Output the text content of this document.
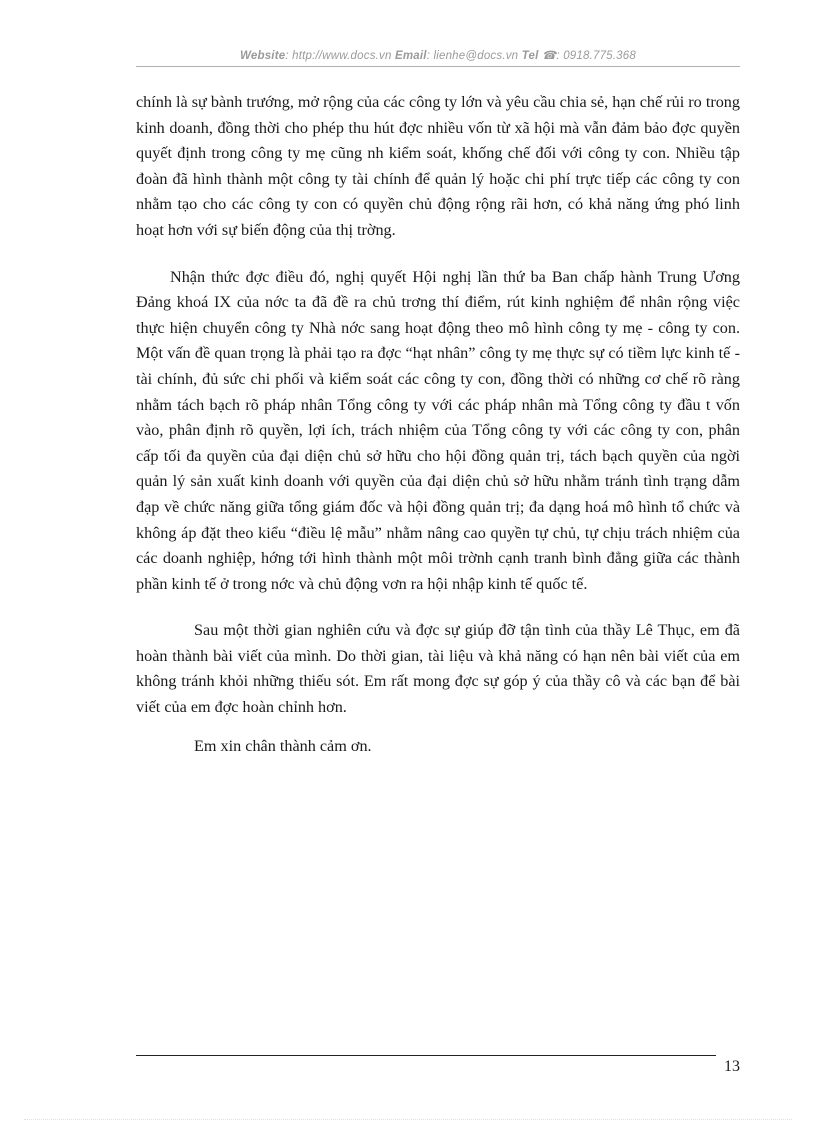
Website: http://www.docs.vn Email: lienhe@docs.vn Tel ☎: 0918.775.368

chính là sự bành trướng, mở rộng của các công ty lớn và yêu cầu chia sẻ, hạn chế rủi ro trong kinh doanh, đồng thời cho phép thu hút đợc nhiều vốn từ xã hội mà vẫn đảm bảo đợc quyền quyết định trong công ty mẹ cũng nh kiểm soát, khống chế đối với công ty con. Nhiều tập đoàn đã hình thành một công ty tài chính để quản lý hoặc chi phí trực tiếp các công ty con nhằm tạo cho các công ty con có quyền chủ động rộng rãi hơn, có khả năng ứng phó linh hoạt hơn với sự biến động của thị trờng.

Nhận thức đợc điều đó, nghị quyết Hội nghị lần thứ ba Ban chấp hành Trung Ương Đảng khoá IX của nớc ta đã đề ra chủ trơng thí điểm, rút kinh nghiệm để nhân rộng việc thực hiện chuyển công ty Nhà nớc sang hoạt động theo mô hình công ty mẹ - công ty con. Một vấn đề quan trọng là phải tạo ra đợc “hạt nhân” công ty mẹ thực sự có tiềm lực kinh tế - tài chính, đủ sức chi phối và kiểm soát các công ty con, đồng thời có những cơ chế rõ ràng nhằm tách bạch rõ pháp nhân Tổng công ty với các pháp nhân mà Tổng công ty đầu t vốn vào, phân định rõ quyền, lợi ích, trách nhiệm của Tổng công ty với các công ty con, phân cấp tối đa quyền của đại diện chủ sở hữu cho hội đồng quản trị, tách bạch quyền của ngời quản lý sản xuất kinh doanh với quyền của đại diện chủ sở hữu nhằm tránh tình trạng dẫm đạp về chức năng giữa tổng giám đốc và hội đồng quản trị; đa dạng hoá mô hình tổ chức và không áp đặt theo kiểu “điều lệ mẫu” nhằm nâng cao quyền tự chủ, tự chịu trách nhiệm của các doanh nghiệp, hớng tới hình thành một môi trờnh cạnh tranh bình đẳng giữa các thành phần kinh tế ở trong nớc và chủ động vơn ra hội nhập kinh tế quốc tế.

Sau một thời gian nghiên cứu và đợc sự giúp đỡ tận tình của thầy Lê Thục, em đã hoàn thành bài viết của mình. Do thời gian, tài liệu và khả năng có hạn nên bài viết của em không tránh khỏi những thiếu sót. Em rất mong đợc sự góp ý của thầy cô và các bạn để bài viết của em đợc hoàn chỉnh hơn.

Em xin chân thành cảm ơn.

13
